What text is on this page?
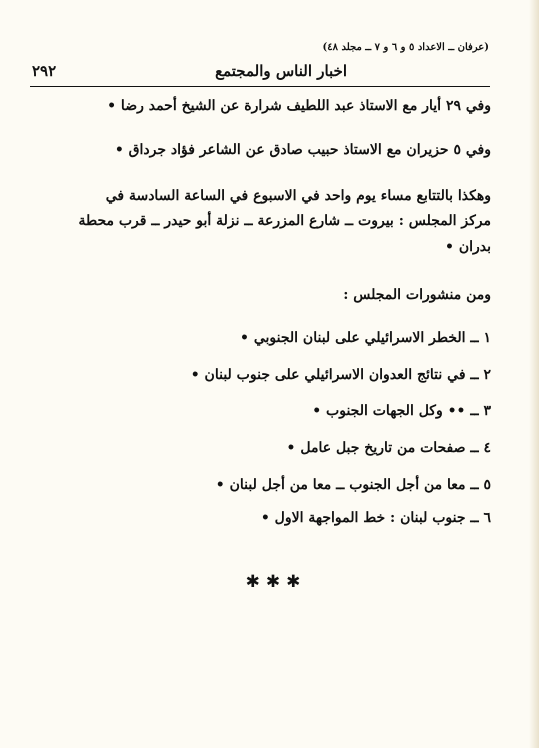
(عرفان ــ الاعداد ٥ و ٦ و ٧ ــ مجلد ٤٨)
اخبار الناس والمجتمع
٢٩٢
وفي ٢٩ أيار مع الاستاذ عبد اللطيف شرارة عن الشيخ أحمد رضا •
وفي ٥ حزيران مع الاستاذ حبيب صادق عن الشاعر فؤاد جرداق •
وهكذا بالتتابع مساء يوم واحد في الاسبوع في الساعة السادسة في
مركز المجلس : بيروت ــ شارع المزرعة ــ نزلة أبو حيدر ــ قرب محطة
بدران •
ومن منشورات المجلس :
١ ــ الخطر الاسرائيلي على لبنان الجنوبي •
٢ ــ في نتائج العدوان الاسرائيلي على جنوب لبنان •
٣ ــ •• وكل الجهات الجنوب •
٤ ــ صفحات من تاريخ جبل عامل •
٥ ــ معا من أجل الجنوب ــ معا من أجل لبنان •
٦ ــ جنوب لبنان : خط المواجهة الاول •
✱✱✱
